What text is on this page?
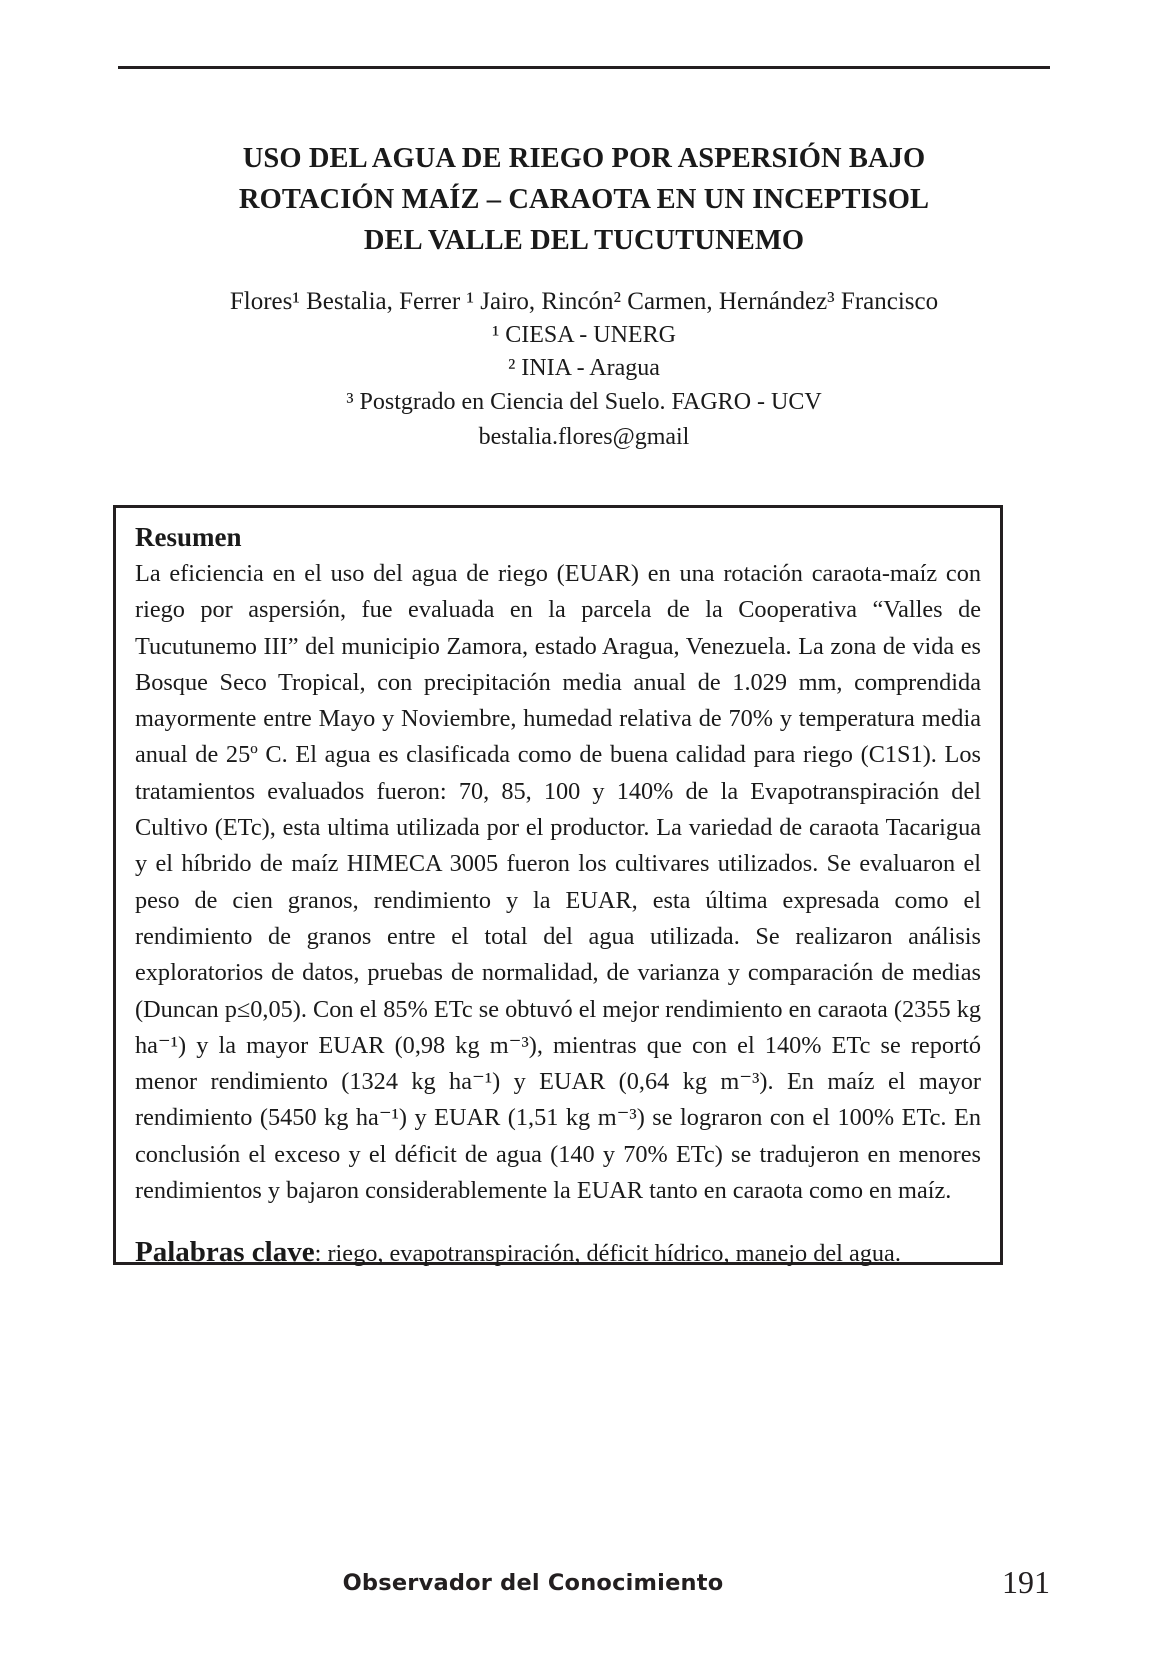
USO DEL AGUA DE RIEGO POR ASPERSIÓN BAJO
ROTACIÓN MAÍZ – CARAOTA EN UN INCEPTISOL
DEL VALLE DEL TUCUTUNEMO
Flores¹ Bestalia, Ferrer ¹ Jairo, Rincón² Carmen, Hernández³ Francisco
¹ CIESA - UNERG
² INIA - Aragua
³ Postgrado en Ciencia del Suelo. FAGRO - UCV
bestalia.flores@gmail
Resumen

La eficiencia en el uso del agua de riego (EUAR) en una rotación caraota-maíz con riego por aspersión, fue evaluada en la parcela de la Cooperativa “Valles de Tucutunemo III” del municipio Zamora, estado Aragua, Venezuela. La zona de vida es Bosque Seco Tropical, con precipitación media anual de 1.029 mm, comprendida mayormente entre Mayo y Noviembre, humedad relativa de 70% y temperatura media anual de 25º C. El agua es clasificada como de buena calidad para riego (C1S1). Los tratamientos evaluados fueron: 70, 85, 100 y 140% de la Evapotranspiración del Cultivo (ETc), esta ultima utilizada por el productor. La variedad de caraota Tacarigua y el híbrido de maíz HIMECA 3005 fueron los cultivares utilizados. Se evaluaron el peso de cien granos, rendimiento y la EUAR, esta última expresada como el rendimiento de granos entre el total del agua utilizada. Se realizaron análisis exploratorios de datos, pruebas de normalidad, de varianza y comparación de medias (Duncan p≤0,05). Con el 85% ETc se obtuvó el mejor rendimiento en caraota (2355 kg ha⁻¹) y la mayor EUAR (0,98 kg m⁻³), mientras que con el 140% ETc se reportó menor rendimiento (1324 kg ha⁻¹) y EUAR (0,64 kg m⁻³). En maíz el mayor rendimiento (5450 kg ha⁻¹) y EUAR (1,51 kg m⁻³) se lograron con el 100% ETc. En conclusión el exceso y el déficit de agua (140 y 70% ETc) se tradujeron en menores rendimientos y bajaron considerablemente la EUAR tanto en caraota como en maíz.

Palabras clave: riego, evapotranspiración, déficit hídrico, manejo del agua.

Observador del Conocimiento	191
